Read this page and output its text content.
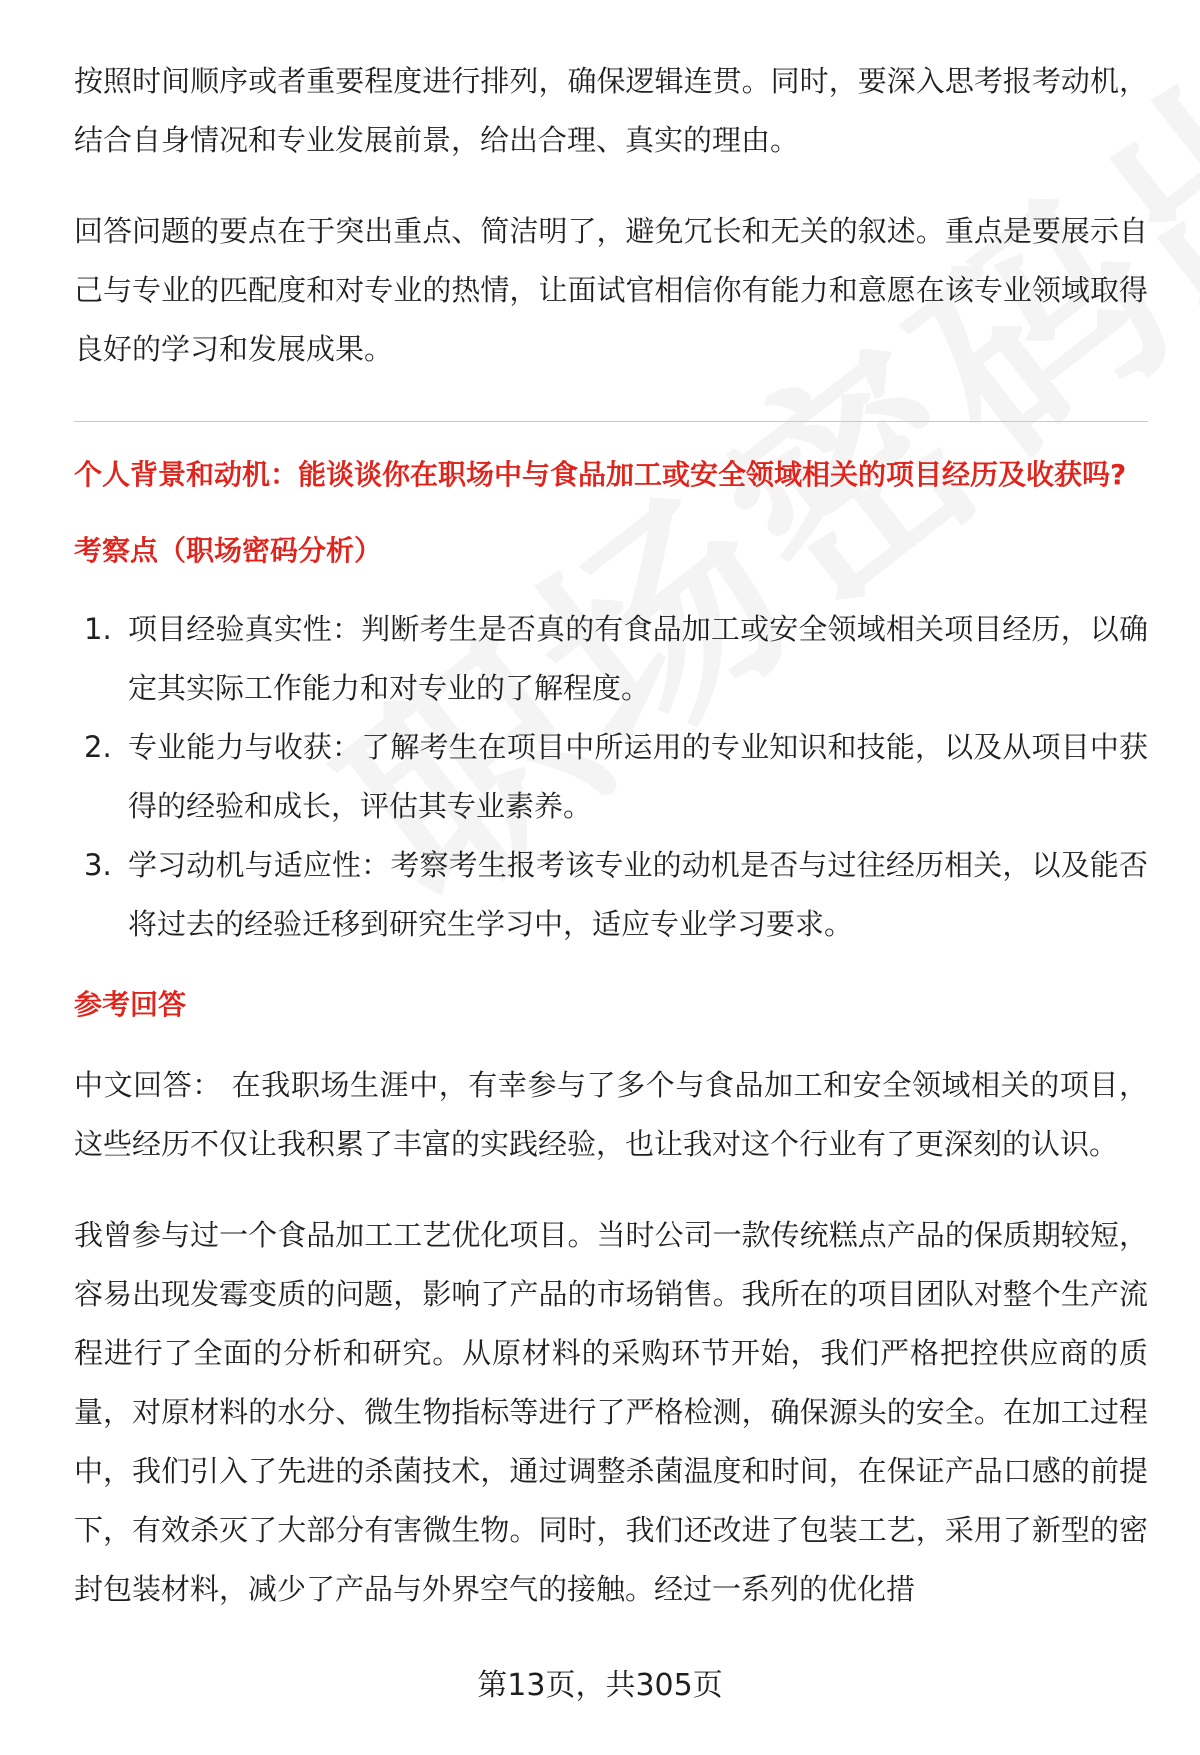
按照时间顺序或者重要程度进行排列，确保逻辑连贯。同时，要深入思考报考动机，结合自身情况和专业发展前景，给出合理、真实的理由。

回答问题的要点在于突出重点、简洁明了，避免冗长和无关的叙述。重点是要展示自己与专业的匹配度和对专业的热情，让面试官相信你有能力和意愿在该专业领域取得良好的学习和发展成果。

个人背景和动机：能谈谈你在职场中与食品加工或安全领域相关的项目经历及收获吗?

考察点（职场密码分析）

1. 项目经验真实性：判断考生是否真的有食品加工或安全领域相关项目经历，以确定其实际工作能力和对专业的了解程度。
2. 专业能力与收获：了解考生在项目中所运用的专业知识和技能，以及从项目中获得的经验和成长，评估其专业素养。
3. 学习动机与适应性：考察考生报考该专业的动机是否与过往经历相关，以及能否将过去的经验迁移到研究生学习中，适应专业学习要求。

参考回答

中文回答： 在我职场生涯中，有幸参与了多个与食品加工和安全领域相关的项目，这些经历不仅让我积累了丰富的实践经验，也让我对这个行业有了更深刻的认识。

我曾参与过一个食品加工工艺优化项目。当时公司一款传统糕点产品的保质期较短，容易出现发霉变质的问题，影响了产品的市场销售。我所在的项目团队对整个生产流程进行了全面的分析和研究。从原材料的采购环节开始，我们严格把控供应商的质量，对原材料的水分、微生物指标等进行了严格检测，确保源头的安全。在加工过程中，我们引入了先进的杀菌技术，通过调整杀菌温度和时间，在保证产品口感的前提下，有效杀灭了大部分有害微生物。同时，我们还改进了包装工艺，采用了新型的密封包装材料，减少了产品与外界空气的接触。经过一系列的优化措

第13页，共305页
